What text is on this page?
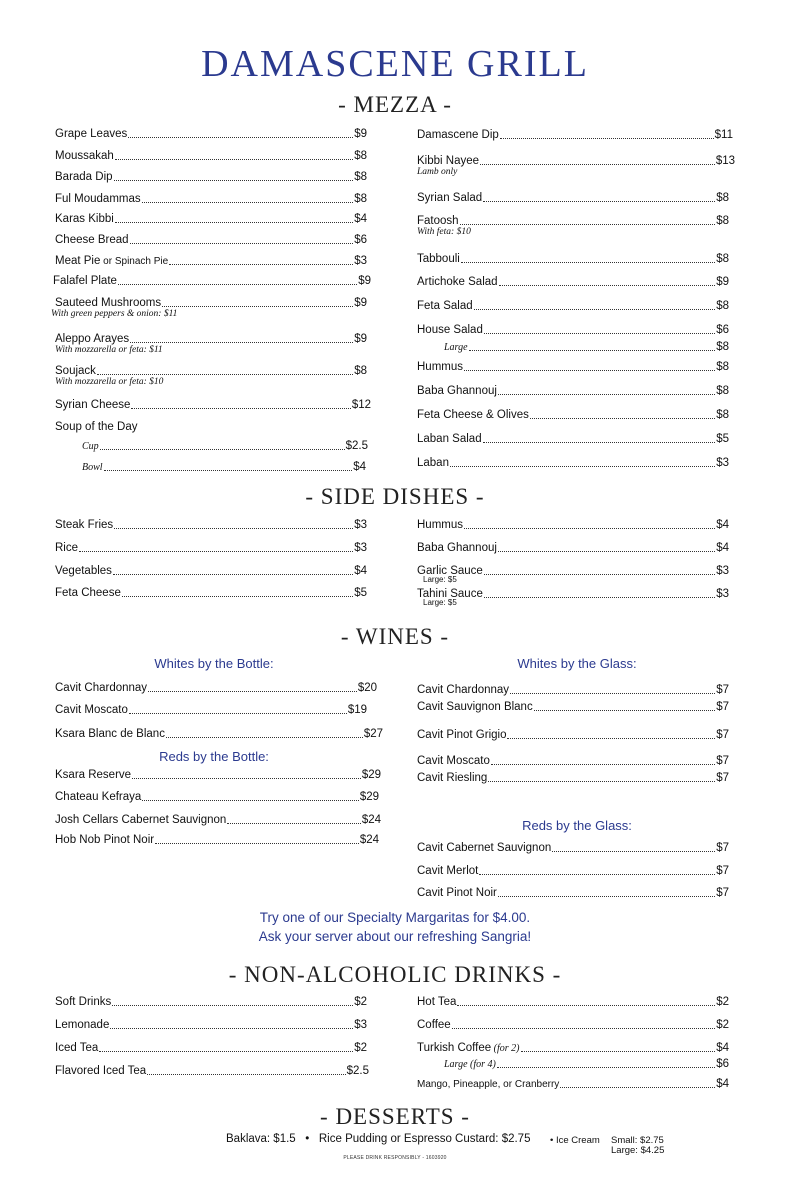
DAMASCENE GRILL
- MEZZA -
Grape Leaves	$9
Moussakah	$8
Barada Dip	$8
Ful Moudammas	$8
Karas Kibbi	$4
Cheese Bread	$6
Meat Pie or Spinach Pie	$3
Falafel Plate	$9
Sauteed Mushrooms	$9
With green peppers & onion: $11
Aleppo Arayes	$9
With mozzarella or feta: $11
Soujack	$8
With mozzarella or feta: $10
Syrian Cheese	$12
Soup of the Day
Cup	$2.5
Bowl	$4
Damascene Dip	$11
Kibbi Nayee	$13
Lamb only
Syrian Salad	$8
Fatoosh	$8
With feta: $10
Tabbouli	$8
Artichoke Salad	$9
Feta Salad	$8
House Salad	$6
Large	$8
Hummus	$8
Baba Ghannouj	$8
Feta Cheese & Olives	$8
Laban Salad	$5
Laban	$3
- SIDE DISHES -
Steak Fries	$3
Rice	$3
Vegetables	$4
Feta Cheese	$5
Hummus	$4
Baba Ghannouj	$4
Garlic Sauce	$3
Large: $5
Tahini Sauce	$3
Large: $5
- WINES -
Whites by the Bottle:
Cavit Chardonnay	$20
Cavit Moscato	$19
Ksara Blanc de Blanc	$27
Reds by the Bottle:
Ksara Reserve	$29
Chateau Kefraya	$29
Josh Cellars Cabernet Sauvignon	$24
Hob Nob Pinot Noir	$24
Whites by the Glass:
Cavit Chardonnay	$7
Cavit Sauvignon Blanc	$7
Cavit Pinot Grigio	$7
Cavit Moscato	$7
Cavit Riesling	$7
Reds by the Glass:
Cavit Cabernet Sauvignon	$7
Cavit Merlot	$7
Cavit Pinot Noir	$7
Try one of our Specialty Margaritas for $4.00.
Ask your server about our refreshing Sangria!
- NON-ALCOHOLIC DRINKS -
Soft Drinks	$2
Lemonade	$3
Iced Tea	$2
Flavored Iced Tea	$2.5
Hot Tea	$2
Coffee	$2
Turkish Coffee (for 2)	$4
Large (for 4)	$6
Mango, Pineapple, or Cranberry	$4
- DESSERTS -
Baklava: $1.5   •   Rice Pudding or Espresso Custard: $2.75 • Ice Cream Small: $2.75
Large: $4.25
PLEASE DRINK RESPONSIBLY - 1603920
